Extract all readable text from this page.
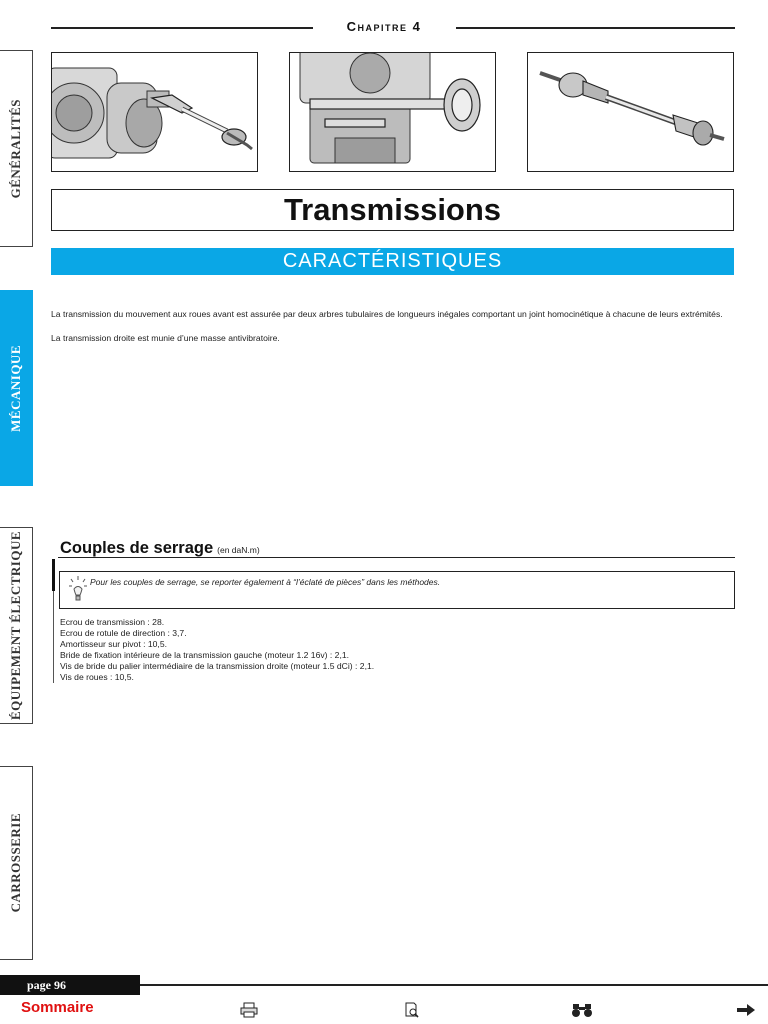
Chapitre 4
GÉNÉRALITÉS
MÉCANIQUE
ÉQUIPEMENT ÉLECTRIQUE
CARROSSERIE
Transmissions
CARACTÉRISTIQUES
La transmission du mouvement aux roues avant est assurée par deux arbres tubulaires de longueurs inégales comportant un joint homocinétique à chacune de leurs extrémités.
La transmission droite est munie d’une masse antivibratoire.
Couples de serrage (en daN.m)
Pour les couples de serrage, se reporter également à “l’éclaté de pièces” dans les méthodes.
Ecrou de transmission : 28.
Ecrou de rotule de direction : 3,7.
Amortisseur sur pivot : 10,5.
Bride de fixation intérieure de la transmission gauche (moteur 1.2 16v) : 2,1.
Vis de bride du palier intermédiaire de la transmission droite (moteur 1.5 dCi) : 2,1.
Vis de roues : 10,5.
page 96
Sommaire
